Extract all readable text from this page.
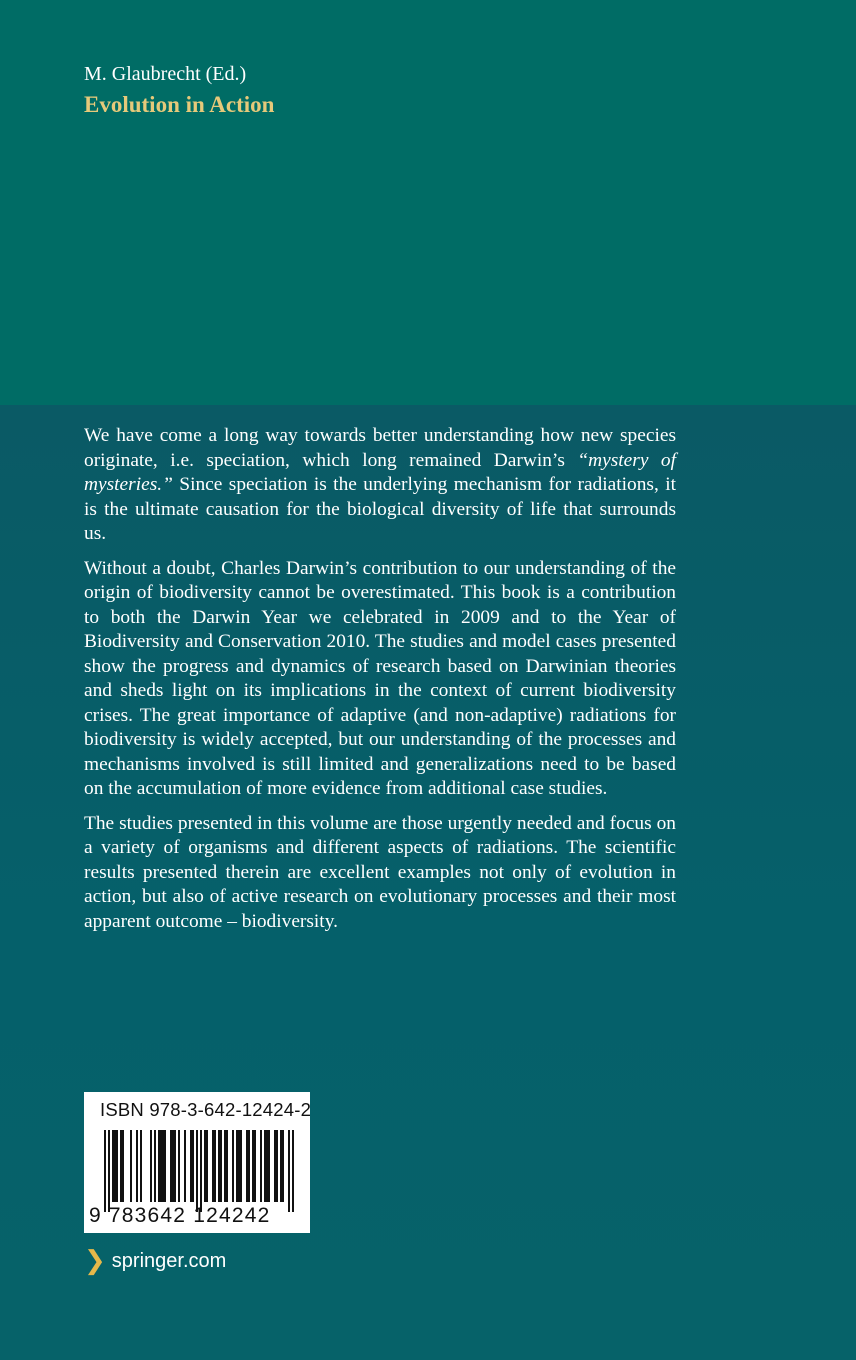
M. Glaubrecht (Ed.)

Evolution in Action

We have come a long way towards better understanding how new species originate, i.e. speciation, which long remained Darwin’s “mystery of mysteries.” Since speciation is the underlying mechanism for radiations, it is the ultimate causation for the biological diversity of life that surrounds us.

Without a doubt, Charles Darwin’s contribution to our understanding of the origin of biodiversity cannot be overestimated. This book is a contribution to both the Darwin Year we celebrated in 2009 and to the Year of Biodiversity and Conservation 2010. The studies and model cases presented show the progress and dynamics of research based on Darwinian theories and sheds light on its implications in the context of current biodiversity crises. The great importance of adaptive (and non-adaptive) radiations for biodiversity is widely accepted, but our understanding of the processes and mechanisms involved is still limited and generalizations need to be based on the accumulation of more evidence from additional case studies.

The studies presented in this volume are those urgently needed and focus on a variety of organisms and different aspects of radiations. The scientific results presented therein are excellent examples not only of evolution in action, but also of active research on evolutionary processes and their most apparent outcome – biodiversity.

ISBN 978-3-642-12424-2
9 783642 124242
❯ springer.com
